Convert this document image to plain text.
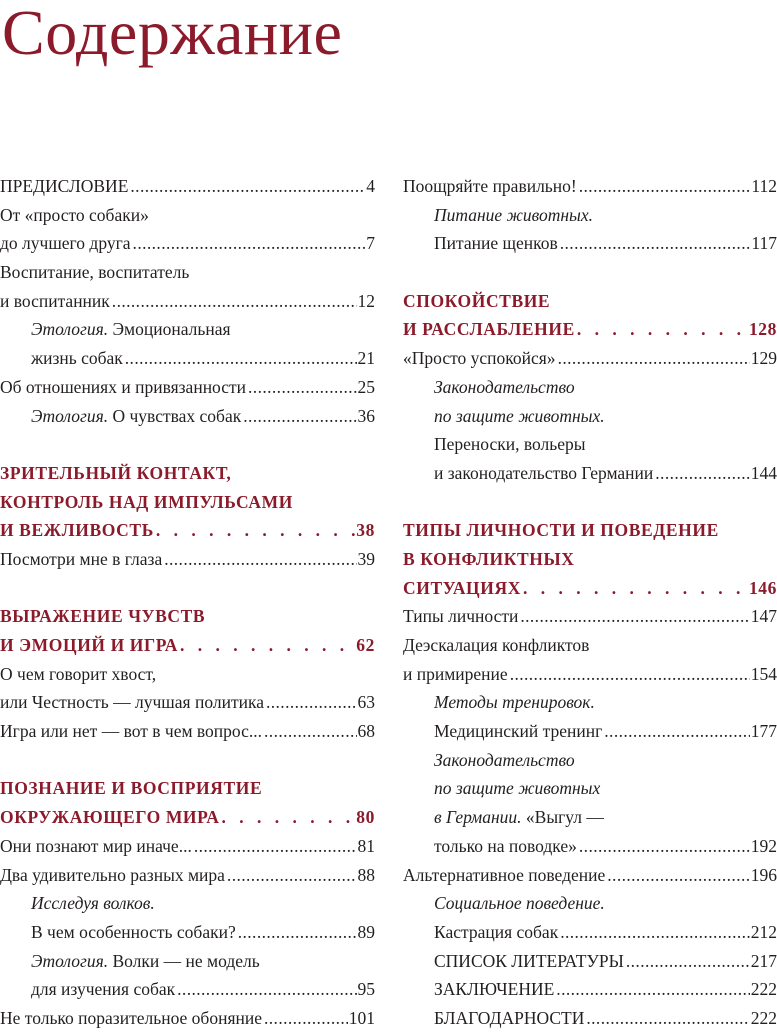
Содержание
ПРЕДИСЛОВИЕ .....	4
От «просто собаки»
до лучшего друга .....	7
Воспитание, воспитатель
и воспитанник .....	12
Этология. Эмоциональная
жизнь собак .....	21
Об отношениях и привязанности .....	25
Этология. О чувствах собак .....	36
ЗРИТЕЛЬНЫЙ КОНТАКТ,
КОНТРОЛЬ НАД ИМПУЛЬСАМИ
И ВЕЖЛИВОСТЬ . . .	38
Посмотри мне в глаза .....	39
ВЫРАЖЕНИЕ ЧУВСТВ
И ЭМОЦИЙ И ИГРА . . .	62
О чем говорит хвост,
или Честность — лучшая политика .....	63
Игра или нет — вот в чем вопрос... .....	68
ПОЗНАНИЕ И ВОСПРИЯТИЕ
ОКРУЖАЮЩЕГО МИРА . . .	80
Они познают мир иначе... .....	81
Два удивительно разных мира .....	88
Исследуя волков.
В чем особенность собаки? .....	89
Этология. Волки — не модель
для изучения собак .....	95
Не только поразительное обоняние .....	101
Поощряйте правильно! .....	112
Питание животных.
Питание щенков .....	117
СПОКОЙСТВИЕ
И РАССЛАБЛЕНИЕ . . .	128
«Просто успокойся» .....	129
Законодательство
по защите животных.
Переноски, вольеры
и законодательство Германии .....	144
ТИПЫ ЛИЧНОСТИ И ПОВЕДЕНИЕ
В КОНФЛИКТНЫХ
СИТУАЦИЯХ . . .	146
Типы личности .....	147
Деэскалация конфликтов
и примирение .....	154
Методы тренировок.
Медицинский тренинг .....	177
Законодательство
по защите животных
в Германии. «Выгул —
только на поводке» .....	192
Альтернативное поведение .....	196
Социальное поведение.
Кастрация собак .....	212
СПИСОК ЛИТЕРАТУРЫ .....	217
ЗАКЛЮЧЕНИЕ .....	222
БЛАГОДАРНОСТИ .....	222
